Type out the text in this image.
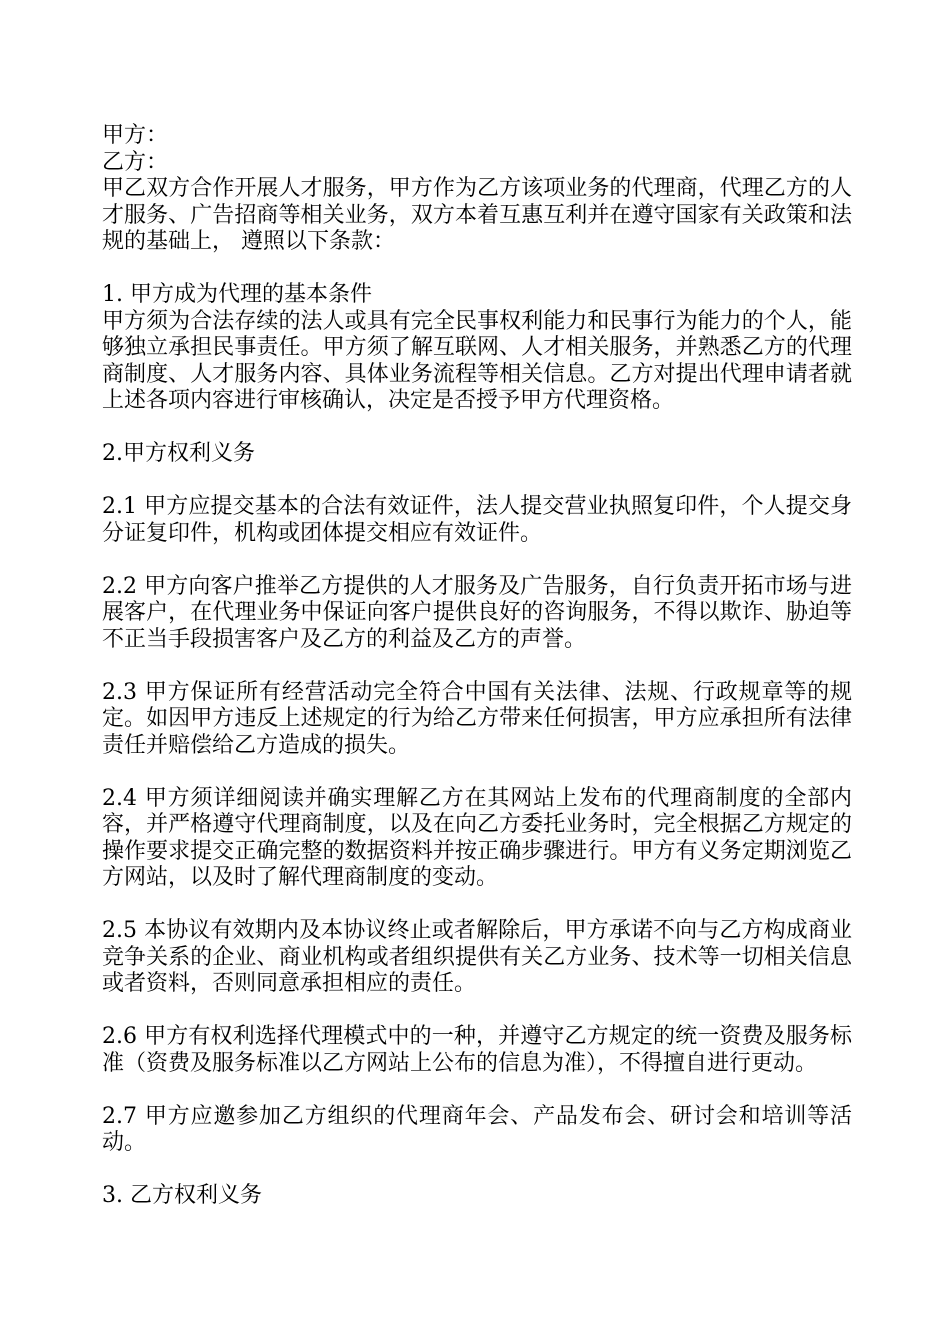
甲方：
乙方：

甲乙双方合作开展人才服务，甲方作为乙方该项业务的代理商，代理乙方的人才服务、广告招商等相关业务，双方本着互惠互利并在遵守国家有关政策和法规的基础上， 遵照以下条款：

1. 甲方成为代理的基本条件

甲方须为合法存续的法人或具有完全民事权利能力和民事行为能力的个人，能够独立承担民事责任。甲方须了解互联网、人才相关服务，并熟悉乙方的代理商制度、人才服务内容、具体业务流程等相关信息。乙方对提出代理申请者就上述各项内容进行审核确认，决定是否授予甲方代理资格。

2.甲方权利义务

2.1 甲方应提交基本的合法有效证件，法人提交营业执照复印件，个人提交身分证复印件，机构或团体提交相应有效证件。

2.2 甲方向客户推举乙方提供的人才服务及广告服务，自行负责开拓市场与进展客户，在代理业务中保证向客户提供良好的咨询服务，不得以欺诈、胁迫等不正当手段损害客户及乙方的利益及乙方的声誉。

2.3 甲方保证所有经营活动完全符合中国有关法律、法规、行政规章等的规定。如因甲方违反上述规定的行为给乙方带来任何损害，甲方应承担所有法律责任并赔偿给乙方造成的损失。

2.4 甲方须详细阅读并确实理解乙方在其网站上发布的代理商制度的全部内容，并严格遵守代理商制度，以及在向乙方委托业务时，完全根据乙方规定的操作要求提交正确完整的数据资料并按正确步骤进行。甲方有义务定期浏览乙方网站，以及时了解代理商制度的变动。

2.5 本协议有效期内及本协议终止或者解除后，甲方承诺不向与乙方构成商业竞争关系的企业、商业机构或者组织提供有关乙方业务、技术等一切相关信息或者资料，否则同意承担相应的责任。

2.6 甲方有权利选择代理模式中的一种，并遵守乙方规定的统一资费及服务标准（资费及服务标准以乙方网站上公布的信息为准），不得擅自进行更动。

2.7 甲方应邀参加乙方组织的代理商年会、产品发布会、研讨会和培训等活动。

3. 乙方权利义务
